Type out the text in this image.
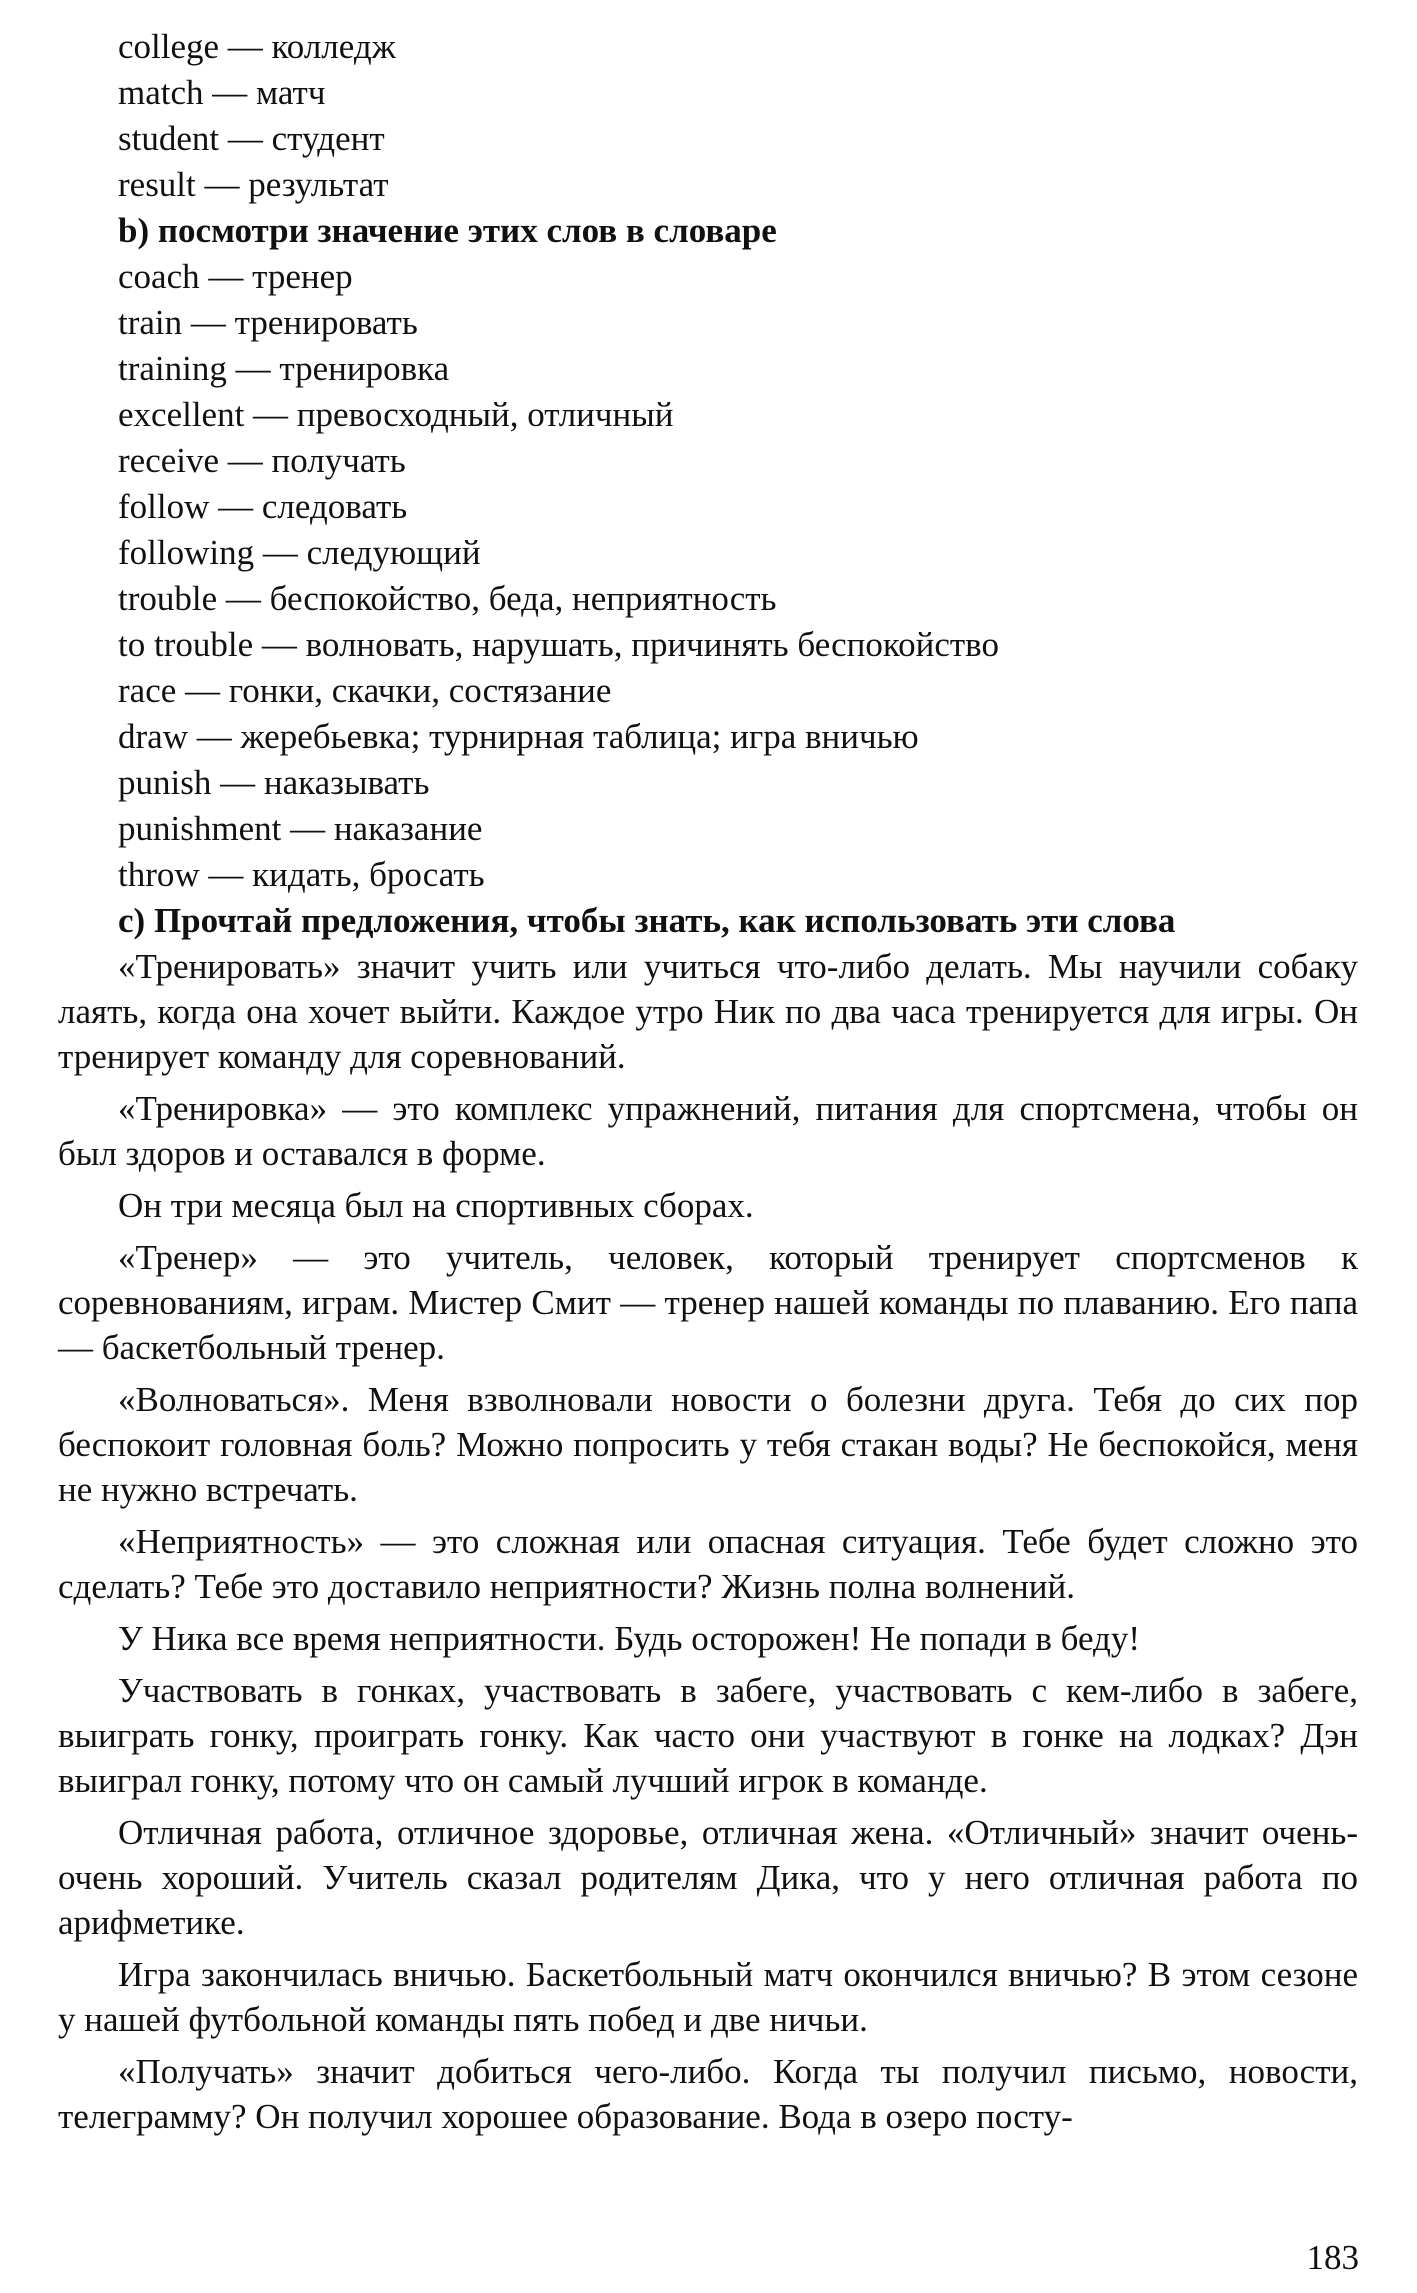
college — колледж
match — матч
student — студент
result — результат
b) посмотри значение этих слов в словаре
coach — тренер
train — тренировать
training — тренировка
excellent — превосходный, отличный
receive — получать
follow — следовать
following — следующий
trouble — беспокойство, беда, неприятность
to trouble — волновать, нарушать, причинять беспокойство
race — гонки, скачки, состязание
draw — жеребьевка; турнирная таблица; игра вничью
punish — наказывать
punishment — наказание
throw — кидать, бросать
c) Прочтай предложения, чтобы знать, как использовать эти слова

«Тренировать» значит учить или учиться что-либо делать. Мы научили собаку лаять, когда она хочет выйти. Каждое утро Ник по два часа тренируется для игры. Он тренирует команду для соревнований.

«Тренировка» — это комплекс упражнений, питания для спортсмена, чтобы он был здоров и оставался в форме.

Он три месяца был на спортивных сборах.

«Тренер» — это учитель, человек, который тренирует спортсменов к соревнованиям, играм. Мистер Смит — тренер нашей команды по плаванию. Его папа — баскетбольный тренер.

«Волноваться». Меня взволновали новости о болезни друга. Тебя до сих пор беспокоит головная боль? Можно попросить у тебя стакан воды? Не беспокойся, меня не нужно встречать.

«Неприятность» — это сложная или опасная ситуация. Тебе будет сложно это сделать? Тебе это доставило неприятности? Жизнь полна волнений.

У Ника все время неприятности. Будь осторожен! Не попади в беду!

Участвовать в гонках, участвовать в забеге, участвовать с кем-либо в забеге, выиграть гонку, проиграть гонку. Как часто они участвуют в гонке на лодках? Дэн выиграл гонку, потому что он самый лучший игрок в команде.

Отличная работа, отличное здоровье, отличная жена. «Отличный» значит очень-очень хороший. Учитель сказал родителям Дика, что у него отличная работа по арифметике.

Игра закончилась вничью. Баскетбольный матч окончился вничью? В этом сезоне у нашей футбольной команды пять побед и две ничьи.

«Получать» значит добиться чего-либо. Когда ты получил письмо, новости, телеграмму? Он получил хорошее образование. Вода в озеро посту-

183
